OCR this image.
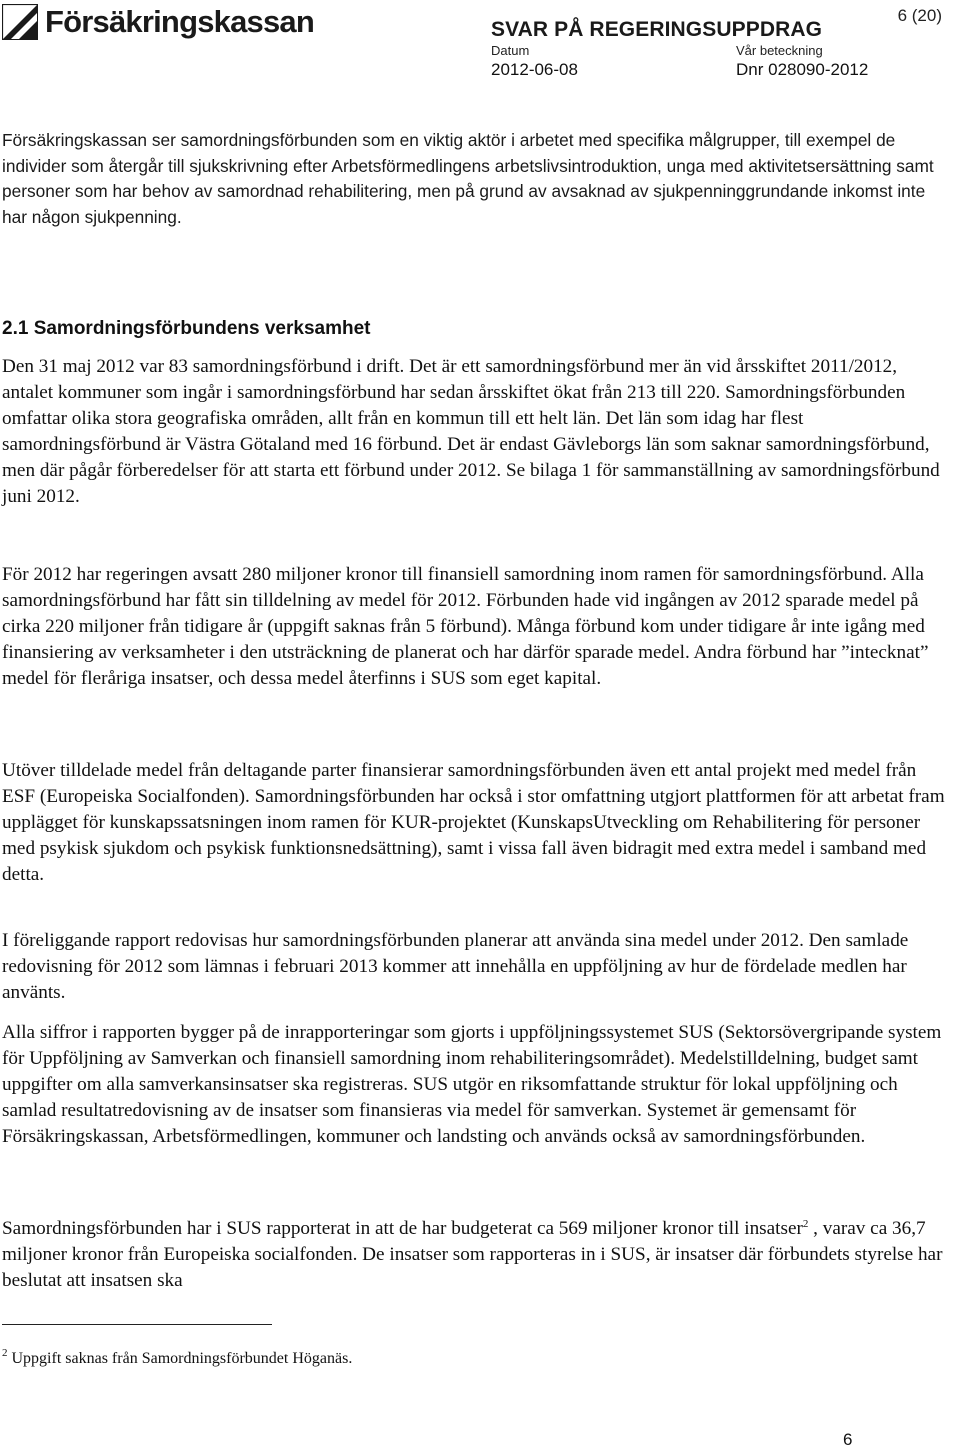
Försäkringskassan	6 (20)
SVAR PÅ REGERINGSUPPDRAG
Datum	Vår beteckning
2012-06-08	Dnr 028090-2012

Försäkringskassan ser samordningsförbunden som en viktig aktör i arbetet med specifika målgrupper, till exempel de individer som återgår till sjukskrivning efter Arbetsförmedlingens arbetslivsintroduktion, unga med aktivitetsersättning samt personer som har behov av samordnad rehabilitering, men på grund av avsaknad av sjukpenninggrundande inkomst inte har någon sjukpenning.

2.1 Samordningsförbundens verksamhet

Den 31 maj 2012 var 83 samordningsförbund i drift. Det är ett samordningsförbund mer än vid årsskiftet 2011/2012, antalet kommuner som ingår i samordningsförbund har sedan årsskiftet ökat från 213 till 220. Samordningsförbunden omfattar olika stora geografiska områden, allt från en kommun till ett helt län. Det län som idag har flest samordningsförbund är Västra Götaland med 16 förbund. Det är endast Gävleborgs län som saknar samordningsförbund, men där pågår förberedelser för att starta ett förbund under 2012. Se bilaga 1 för sammanställning av samordningsförbund juni 2012.

För 2012 har regeringen avsatt 280 miljoner kronor till finansiell samordning inom ramen för samordningsförbund. Alla samordningsförbund har fått sin tilldelning av medel för 2012. Förbunden hade vid ingången av 2012 sparade medel på cirka 220 miljoner från tidigare år (uppgift saknas från 5 förbund). Många förbund kom under tidigare år inte igång med finansiering av verksamheter i den utsträckning de planerat och har därför sparade medel. Andra förbund har ”intecknat” medel för fleråriga insatser, och dessa medel återfinns i SUS som eget kapital.

Utöver tilldelade medel från deltagande parter finansierar samordningsförbunden även ett antal projekt med medel från ESF (Europeiska Socialfonden). Samordningsförbunden har också i stor omfattning utgjort plattformen för att arbetat fram upplägget för kunskapssatsningen inom ramen för KUR-projektet (KunskapsUtveckling om Rehabilitering för personer med psykisk sjukdom och psykisk funktionsnedsättning), samt i vissa fall även bidragit med extra medel i samband med detta.

I föreliggande rapport redovisas hur samordningsförbunden planerar att använda sina medel under 2012. Den samlade redovisning för 2012 som lämnas i februari 2013 kommer att innehålla en uppföljning av hur de fördelade medlen har använts.

Alla siffror i rapporten bygger på de inrapporteringar som gjorts i uppföljningssystemet SUS (Sektorsövergripande system för Uppföljning av Samverkan och finansiell samordning inom rehabiliteringsområdet). Medelstilldelning, budget samt uppgifter om alla samverkansinsatser ska registreras. SUS utgör en riksomfattande struktur för lokal uppföljning och samlad resultatredovisning av de insatser som finansieras via medel för samverkan. Systemet är gemensamt för Försäkringskassan, Arbetsförmedlingen, kommuner och landsting och används också av samordningsförbunden.

Samordningsförbunden har i SUS rapporterat in att de har budgeterat ca 569 miljoner kronor till insatser$^2$ , varav ca 36,7 miljoner kronor från Europeiska socialfonden. De insatser som rapporteras in i SUS, är insatser där förbundets styrelse har beslutat att insatsen ska

$^2$ Uppgift saknas från Samordningsförbundet Höganäs.

6
